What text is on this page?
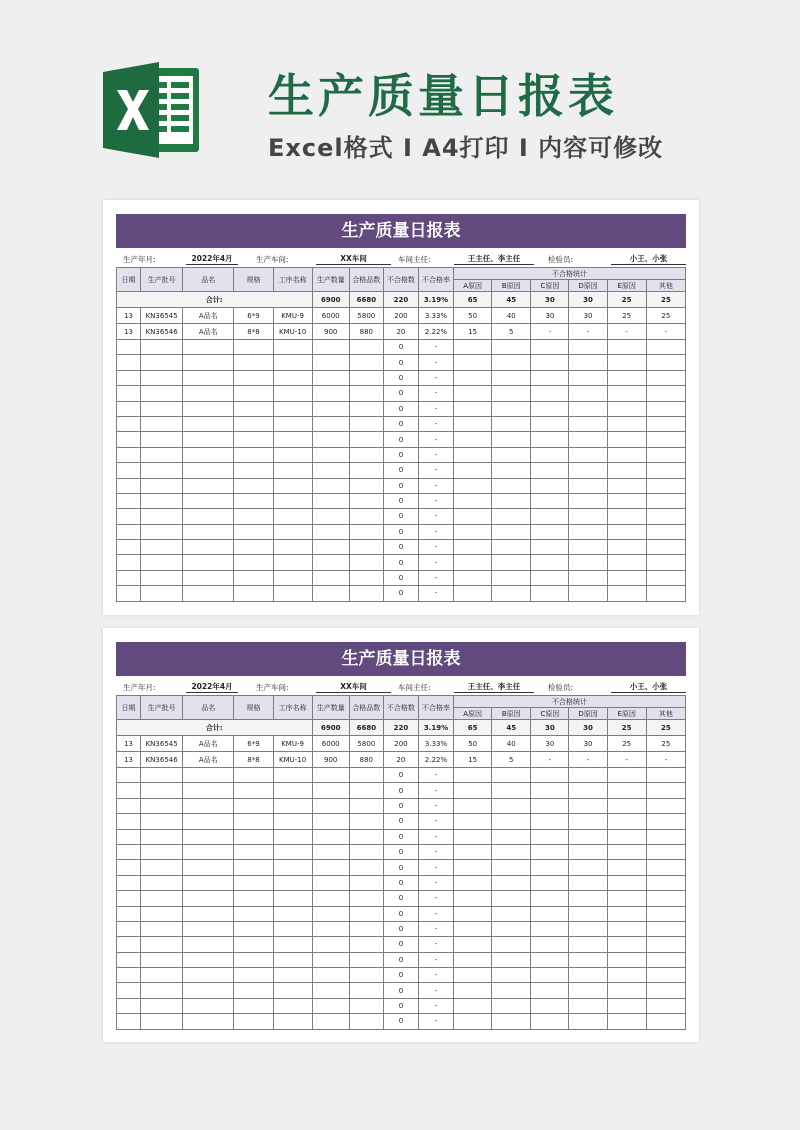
生产质量日报表
Excel格式 I A4打印 I 内容可修改
生产质量日报表
生产年月:	2022年4月	生产车间:	XX车间	车间主任:	王主任、李主任	检验员:	小王、小张
日期	生产批号	品名	规格	工序名称	生产数量	合格品数	不合格数	不合格率	不合格统计					
									A原因	B原因	C原因	D原因	E原因	其他
合计:					6900	6680	220	3.19%	65	45	30	30	25	25
13	KN36545	A品名	6*9	KMU-9	6000	5800	200	3.33%	50	40	30	30	25	25
13	KN36546	A品名	8*8	KMU-10	900	880	20	2.22%	15	5	-	-	-	-
							0	-						
							0	-						
							0	-						
							0	-						
							0	-						
							0	-						
							0	-						
							0	-						
							0	-						
							0	-						
							0	-						
							0	-						
							0	-						
							0	-						
							0	-						
							0	-						
							0	-						
生产质量日报表
生产年月:	2022年4月	生产车间:	XX车间	车间主任:	王主任、李主任	检验员:	小王、小张
日期	生产批号	品名	规格	工序名称	生产数量	合格品数	不合格数	不合格率	不合格统计					
									A原因	B原因	C原因	D原因	E原因	其他
合计:					6900	6680	220	3.19%	65	45	30	30	25	25
13	KN36545	A品名	6*9	KMU-9	6000	5800	200	3.33%	50	40	30	30	25	25
13	KN36546	A品名	8*8	KMU-10	900	880	20	2.22%	15	5	-	-	-	-
							0	-						
							0	-						
							0	-						
							0	-						
							0	-						
							0	-						
							0	-						
							0	-						
							0	-						
							0	-						
							0	-						
							0	-						
							0	-						
							0	-						
							0	-						
							0	-						
							0	-						
